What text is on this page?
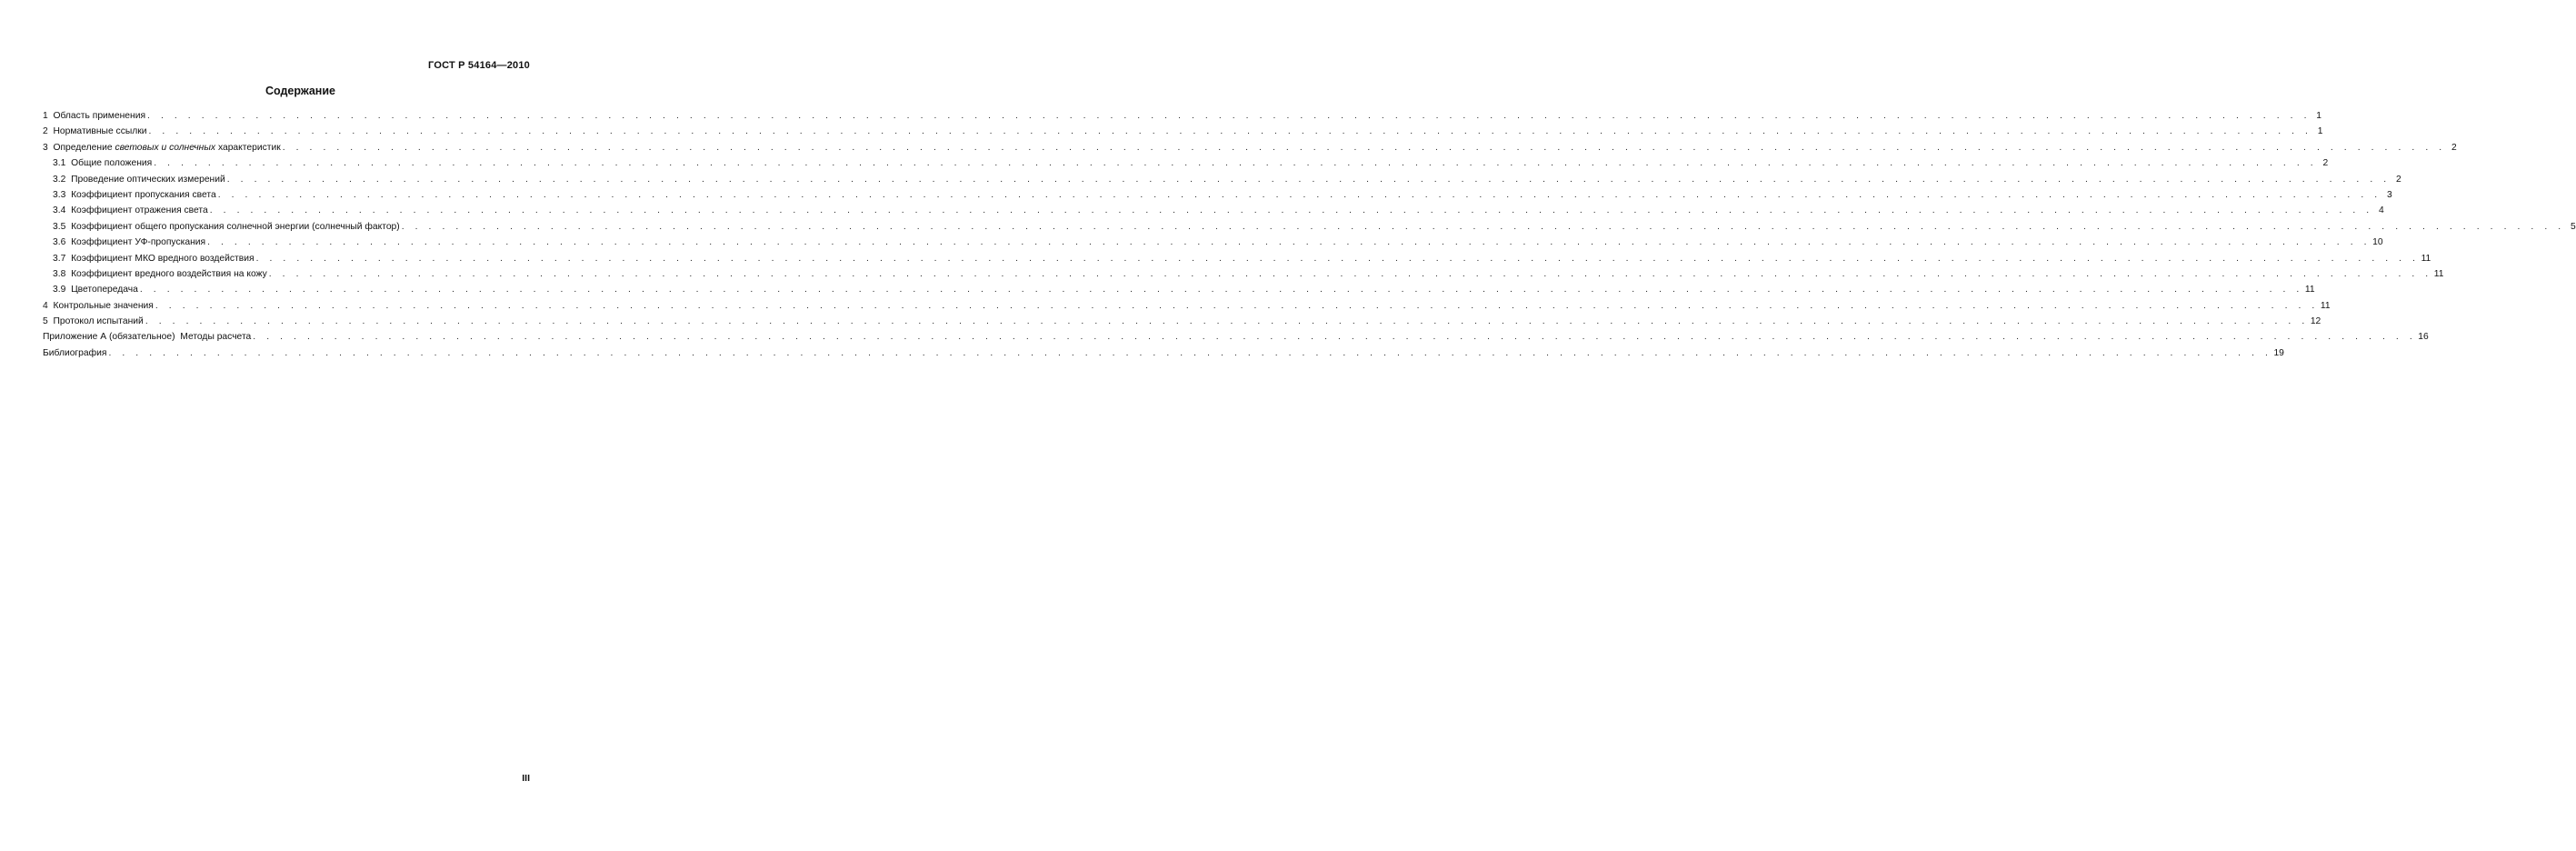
ГОСТ Р 54164—2010
Содержание
1
Область применения . . . . . . . . . . . . . . . . . . . . . . . . . . . . . . . . . . . . . . . . . . . . . . . . . . . . . . . . . . . . . . . . . . . . . . . . . . . . . . . . . . . . . . . . . . . . . . . . . . . . . . . . . . . . . . . . . . . . . . . . . . . . . . . . . . . . . . . . . . . . . . . . . . . . . . . . . . . . . . . . 1
2
Нормативные ссылки . . . . . . . . . . . . . . . . . . . . . . . . . . . . . . . . . . . . . . . . . . . . . . . . . . . . . . . . . . . . . . . . . . . . . . . . . . . . . . . . . . . . . . . . . . . . . . . . . . . . . . . . . . . . . . . . . . . . . . . . . . . . . . . . . . . . . . . . . . . . . . . . . . . . . . . . . . . . . . . . 1
3
Определение световых и солнечных характеристик . . . . . . . . . . . . . . . . . . . . . . . . . . . . . . . . . . . . . . . . . . . . . . . . . . . . . . . . . . . . . . . . . . . . . . . . . . . . . . . . . . . . . . . . . . . . . . . . . . . . . . . . . . . . . . . . . . . . . . . . . . . . . . . . . . . . . . . . . . . . . . . . . . . . . . . . . . . . . . . . 2
3.1
Общие положения . . . . . . . . . . . . . . . . . . . . . . . . . . . . . . . . . . . . . . . . . . . . . . . . . . . . . . . . . . . . . . . . . . . . . . . . . . . . . . . . . . . . . . . . . . . . . . . . . . . . . . . . . . . . . . . . . . . . . . . . . . . . . . . . . . . . . . . . . . . . . . . . . . . . . . . . . . . . . . . . 2
3.2
Проведение оптических измерений . . . . . . . . . . . . . . . . . . . . . . . . . . . . . . . . . . . . . . . . . . . . . . . . . . . . . . . . . . . . . . . . . . . . . . . . . . . . . . . . . . . . . . . . . . . . . . . . . . . . . . . . . . . . . . . . . . . . . . . . . . . . . . . . . . . . . . . . . . . . . . . . . . . . . . . . . . . . . . . . 2
3.3
Коэффициент пропускания света . . . . . . . . . . . . . . . . . . . . . . . . . . . . . . . . . . . . . . . . . . . . . . . . . . . . . . . . . . . . . . . . . . . . . . . . . . . . . . . . . . . . . . . . . . . . . . . . . . . . . . . . . . . . . . . . . . . . . . . . . . . . . . . . . . . . . . . . . . . . . . . . . . . . . . . . . . . . . . . . 3
3.4
Коэффициент отражения света . . . . . . . . . . . . . . . . . . . . . . . . . . . . . . . . . . . . . . . . . . . . . . . . . . . . . . . . . . . . . . . . . . . . . . . . . . . . . . . . . . . . . . . . . . . . . . . . . . . . . . . . . . . . . . . . . . . . . . . . . . . . . . . . . . . . . . . . . . . . . . . . . . . . . . . . . . . . . . . . 4
3.5
Коэффициент общего пропускания солнечной энергии (солнечный фактор) . . . . . . . . . . . . . . . . . . . . . . . . . . . . . . . . . . . . . . . . . . . . . . . . . . . . . . . . . . . . . . . . . . . . . . . . . . . . . . . . . . . . . . . . . . . . . . . . . . . . . . . . . . . . . . . . . . . . . . . . . . . . . . . . . . . . . . . . . . . . . . . . . . . . . . . . . . . . . . . . 5
3.6
Коэффициент УФ-пропускания . . . . . . . . . . . . . . . . . . . . . . . . . . . . . . . . . . . . . . . . . . . . . . . . . . . . . . . . . . . . . . . . . . . . . . . . . . . . . . . . . . . . . . . . . . . . . . . . . . . . . . . . . . . . . . . . . . . . . . . . . . . . . . . . . . . . . . . . . . . . . . . . . . . . . . . . . . . . . . . . 10
3.7
Коэффициент МКО вредного воздействия . . . . . . . . . . . . . . . . . . . . . . . . . . . . . . . . . . . . . . . . . . . . . . . . . . . . . . . . . . . . . . . . . . . . . . . . . . . . . . . . . . . . . . . . . . . . . . . . . . . . . . . . . . . . . . . . . . . . . . . . . . . . . . . . . . . . . . . . . . . . . . . . . . . . . . . . . . . . . . . . 11
3.8
Коэффициент вредного воздействия на кожу . . . . . . . . . . . . . . . . . . . . . . . . . . . . . . . . . . . . . . . . . . . . . . . . . . . . . . . . . . . . . . . . . . . . . . . . . . . . . . . . . . . . . . . . . . . . . . . . . . . . . . . . . . . . . . . . . . . . . . . . . . . . . . . . . . . . . . . . . . . . . . . . . . . . . . . . . . . . . . . . 11
3.9
Цветопередача . . . . . . . . . . . . . . . . . . . . . . . . . . . . . . . . . . . . . . . . . . . . . . . . . . . . . . . . . . . . . . . . . . . . . . . . . . . . . . . . . . . . . . . . . . . . . . . . . . . . . . . . . . . . . . . . . . . . . . . . . . . . . . . . . . . . . . . . . . . . . . . . . . . . . . . . . . . . . . . . 11
4
Контрольные значения . . . . . . . . . . . . . . . . . . . . . . . . . . . . . . . . . . . . . . . . . . . . . . . . . . . . . . . . . . . . . . . . . . . . . . . . . . . . . . . . . . . . . . . . . . . . . . . . . . . . . . . . . . . . . . . . . . . . . . . . . . . . . . . . . . . . . . . . . . . . . . . . . . . . . . . . . . . . . . . . 11
5
Протокол испытаний . . . . . . . . . . . . . . . . . . . . . . . . . . . . . . . . . . . . . . . . . . . . . . . . . . . . . . . . . . . . . . . . . . . . . . . . . . . . . . . . . . . . . . . . . . . . . . . . . . . . . . . . . . . . . . . . . . . . . . . . . . . . . . . . . . . . . . . . . . . . . . . . . . . . . . . . . . . . . . . . 12
Приложение А (обязательное)  Методы расчета . . . . . . . . . . . . . . . . . . . . . . . . . . . . . . . . . . . . . . . . . . . . . . . . . . . . . . . . . . . . . . . . . . . . . . . . . . . . . . . . . . . . . . . . . . . . . . . . . . . . . . . . . . . . . . . . . . . . . . . . . . . . . . . . . . . . . . . . . . . . . . . . . . . . . . . . . . . . . . . . 16
Библиография . . . . . . . . . . . . . . . . . . . . . . . . . . . . . . . . . . . . . . . . . . . . . . . . . . . . . . . . . . . . . . . . . . . . . . . . . . . . . . . . . . . . . . . . . . . . . . . . . . . . . . . . . . . . . . . . . . . . . . . . . . . . . . . . . . . . . . . . . . . . . . . . . . . . . . . . . . . . . . . . 19
III
